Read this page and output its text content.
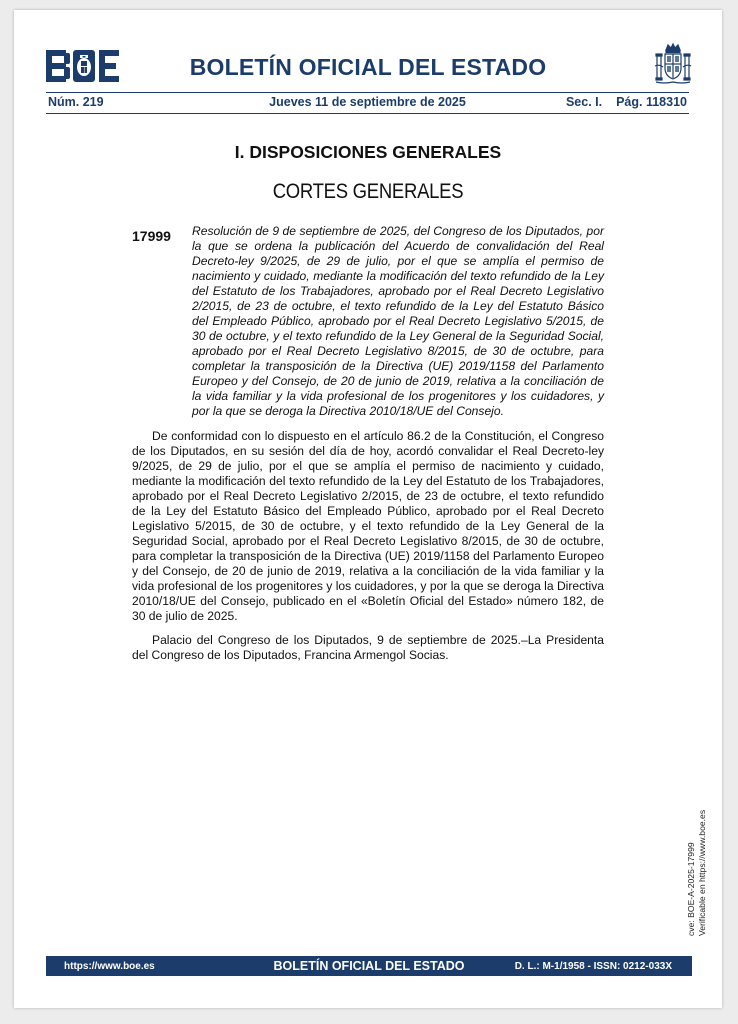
BOLETÍN OFICIAL DEL ESTADO
Núm. 219	Jueves 11 de septiembre de 2025	Sec. I. Pág. 118310
I. DISPOSICIONES GENERALES
CORTES GENERALES
17999 Resolución de 9 de septiembre de 2025, del Congreso de los Diputados, por la que se ordena la publicación del Acuerdo de convalidación del Real Decreto-ley 9/2025, de 29 de julio, por el que se amplía el permiso de nacimiento y cuidado, mediante la modificación del texto refundido de la Ley del Estatuto de los Trabajadores, aprobado por el Real Decreto Legislativo 2/2015, de 23 de octubre, el texto refundido de la Ley del Estatuto Básico del Empleado Público, aprobado por el Real Decreto Legislativo 5/2015, de 30 de octubre, y el texto refundido de la Ley General de la Seguridad Social, aprobado por el Real Decreto Legislativo 8/2015, de 30 de octubre, para completar la transposición de la Directiva (UE) 2019/1158 del Parlamento Europeo y del Consejo, de 20 de junio de 2019, relativa a la conciliación de la vida familiar y la vida profesional de los progenitores y los cuidadores, y por la que se deroga la Directiva 2010/18/UE del Consejo.

De conformidad con lo dispuesto en el artículo 86.2 de la Constitución, el Congreso de los Diputados, en su sesión del día de hoy, acordó convalidar el Real Decreto-ley 9/2025, de 29 de julio, por el que se amplía el permiso de nacimiento y cuidado, mediante la modificación del texto refundido de la Ley del Estatuto de los Trabajadores, aprobado por el Real Decreto Legislativo 2/2015, de 23 de octubre, el texto refundido de la Ley del Estatuto Básico del Empleado Público, aprobado por el Real Decreto Legislativo 5/2015, de 30 de octubre, y el texto refundido de la Ley General de la Seguridad Social, aprobado por el Real Decreto Legislativo 8/2015, de 30 de octubre, para completar la transposición de la Directiva (UE) 2019/1158 del Parlamento Europeo y del Consejo, de 20 de junio de 2019, relativa a la conciliación de la vida familiar y la vida profesional de los progenitores y los cuidadores, y por la que se deroga la Directiva 2010/18/UE del Consejo, publicado en el «Boletín Oficial del Estado» número 182, de 30 de julio de 2025.

Palacio del Congreso de los Diputados, 9 de septiembre de 2025.–La Presidenta del Congreso de los Diputados, Francina Armengol Socias.

cve: BOE-A-2025-17999 Verificable en https://www.boe.es
https://www.boe.es	BOLETÍN OFICIAL DEL ESTADO	D. L.: M-1/1958 - ISSN: 0212-033X
